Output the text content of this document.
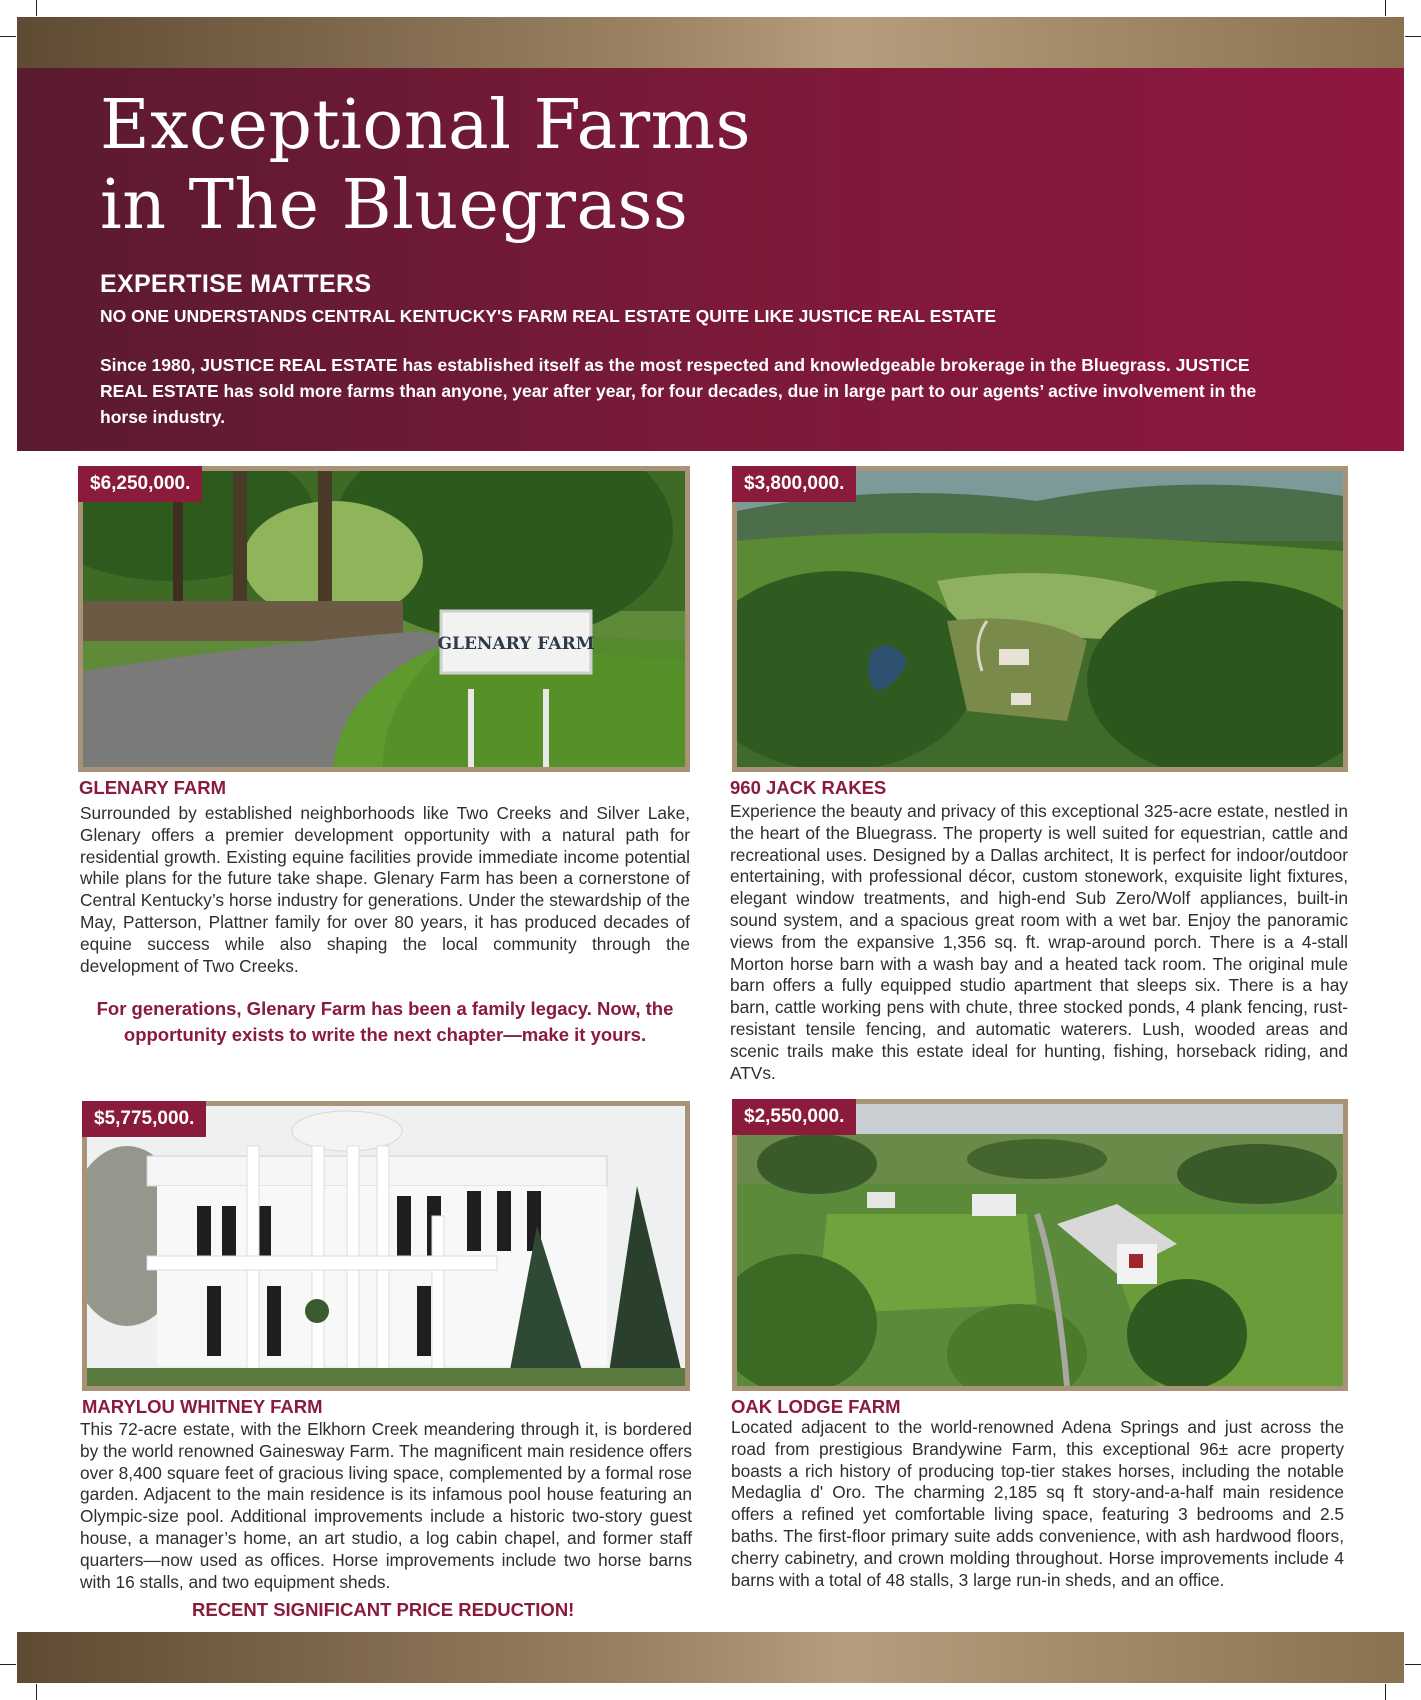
Exceptional Farms
in The Bluegrass
EXPERTISE MATTERS
NO ONE UNDERSTANDS CENTRAL KENTUCKY'S FARM REAL ESTATE QUITE LIKE JUSTICE REAL ESTATE
Since 1980, JUSTICE REAL ESTATE has established itself as the most respected and knowledgeable brokerage in the Bluegrass. JUSTICE REAL ESTATE has sold more farms than anyone, year after year, for four decades, due in large part to our agents’ active involvement in the horse industry.
GLENARY FARM
$6,250,000.
GLENARY FARM

Surrounded by established neighborhoods like Two Creeks and Silver Lake, Glenary offers a premier development opportunity with a natural path for residential growth. Existing equine facilities provide immediate income potential while plans for the future take shape. Glenary Farm has been a cornerstone of Central Kentucky’s horse industry for generations. Under the stewardship of the May, Patterson, Plattner family for over 80 years, it has produced decades of equine success while also shaping the local community through the development of Two Creeks.

For generations, Glenary Farm has been a family legacy. Now, the opportunity exists to write the next chapter—make it yours.
$3,800,000.
960 JACK RAKES

Experience the beauty and privacy of this exceptional 325-acre estate, nestled in the heart of the Bluegrass. The property is well suited for equestrian, cattle and recreational uses. Designed by a Dallas architect, It is perfect for indoor/outdoor entertaining, with professional décor, custom stonework, exquisite light fixtures, elegant window treatments, and high-end Sub Zero/Wolf appliances, built-in sound system, and a spacious great room with a wet bar. Enjoy the panoramic views from the expansive 1,356 sq. ft. wrap-around porch. There is a 4-stall Morton horse barn with a wash bay and a heated tack room. The original mule barn offers a fully equipped studio apartment that sleeps six. There is a hay barn, cattle working pens with chute, three stocked ponds, 4 plank fencing, rust-resistant tensile fencing, and automatic waterers. Lush, wooded areas and scenic trails make this estate ideal for hunting, fishing, horseback riding, and ATVs.

$5,775,000.
MARYLOU WHITNEY FARM

This 72-acre estate, with the Elkhorn Creek meandering through it, is bordered by the world renowned Gainesway Farm. The magnificent main residence offers over 8,400 square feet of gracious living space, complemented by a formal rose garden. Adjacent to the main residence is its infamous pool house featuring an Olympic-size pool. Additional improvements include a historic two-story guest house, a manager’s home, an art studio, a log cabin chapel, and former staff quarters—now used as offices. Horse improvements include two horse barns with 16 stalls, and two equipment sheds.

RECENT SIGNIFICANT PRICE REDUCTION!
$2,550,000.
OAK LODGE FARM

Located adjacent to the world-renowned Adena Springs and just across the road from prestigious Brandywine Farm, this exceptional 96± acre property boasts a rich history of producing top-tier stakes horses, including the notable Medaglia d' Oro. The charming 2,185 sq ft story-and-a-half main residence offers a refined yet comfortable living space, featuring 3 bedrooms and 2.5 baths. The first-floor primary suite adds convenience, with ash hardwood floors, cherry cabinetry, and crown molding throughout. Horse improvements include 4 barns with a total of 48 stalls, 3 large run-in sheds, and an office.
